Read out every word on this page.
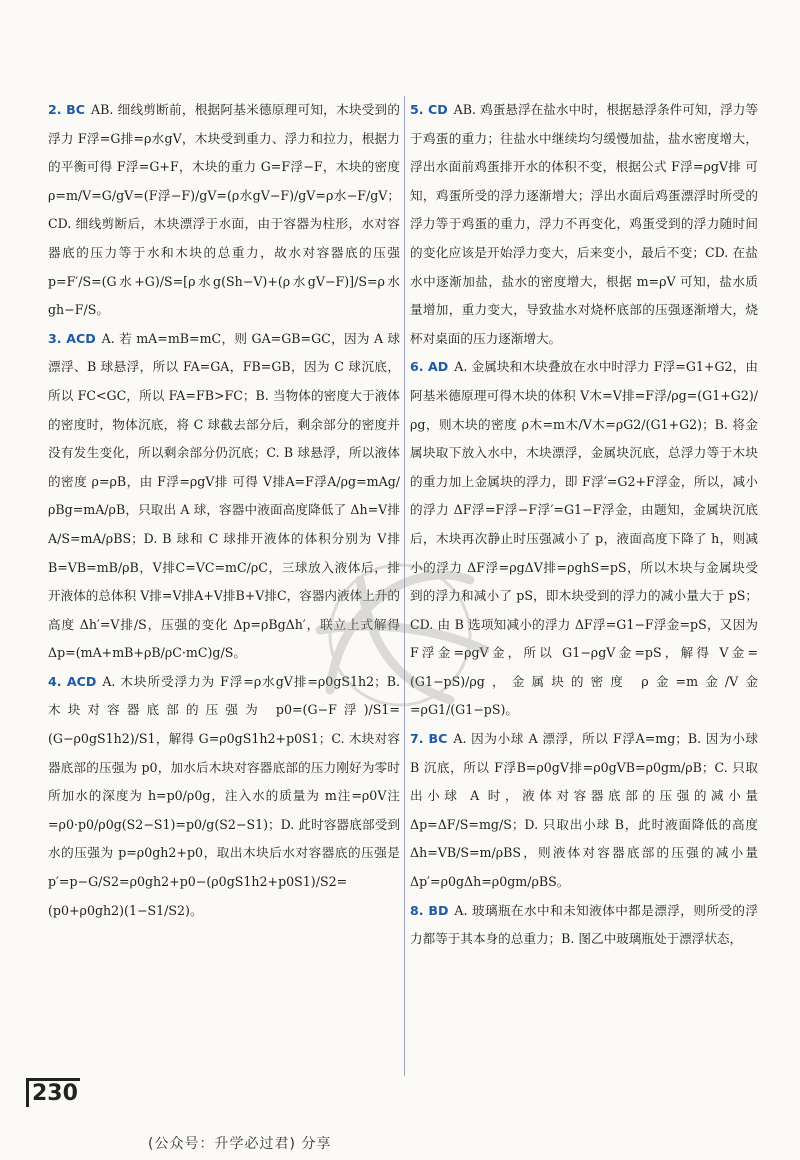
2. BC AB. 细线剪断前，根据阿基米德原理可知，木块受到的浮力 F浮=G排=ρ水gV，木块受到重力、浮力和拉力，根据力的平衡可得 F浮=G+F，木块的重力 G=F浮−F，木块的密度 ρ=m/V=G/gV=(F浮−F)/gV=(ρ水gV−F)/gV=ρ水−F/gV；CD. 细线剪断后，木块漂浮于水面，由于容器为柱形，水对容器底的压力等于水和木块的总重力，故水对容器底的压强 p=F′/S=(G水+G)/S=[ρ水g(Sh−V)+(ρ水gV−F)]/S=ρ水gh−F/S。

3. ACD A. 若 mA=mB=mC，则 GA=GB=GC，因为 A 球漂浮、B 球悬浮，所以 FA=GA，FB=GB，因为 C 球沉底，所以 FC<GC，所以 FA=FB>FC；B. 当物体的密度大于液体的密度时，物体沉底，将 C 球截去部分后，剩余部分的密度并没有发生变化，所以剩余部分仍沉底；C. B 球悬浮，所以液体的密度 ρ=ρB，由 F浮=ρgV排 可得 V排A=F浮A/ρg=mAg/ρBg=mA/ρB，只取出 A 球，容器中液面高度降低了 Δh=V排A/S=mA/ρBS；D. B 球和 C 球排开液体的体积分别为 V排B=VB=mB/ρB，V排C=VC=mC/ρC，三球放入液体后，排开液体的总体积 V排=V排A+V排B+V排C，容器内液体上升的高度 Δh′=V排/S，压强的变化 Δp=ρBgΔh′，联立上式解得 Δp=(mA+mB+ρB/ρC·mC)g/S。

4. ACD A. 木块所受浮力为 F浮=ρ水gV排=ρ0gS1h2；B. 木块对容器底部的压强为 p0=(G−F浮)/S1=(G−ρ0gS1h2)/S1，解得 G=ρ0gS1h2+p0S1；C. 木块对容器底部的压强为 p0，加水后木块对容器底部的压力刚好为零时所加水的深度为 h=p0/ρ0g，注入水的质量为 m注=ρ0V注=ρ0·p0/ρ0g(S2−S1)=p0/g(S2−S1)；D. 此时容器底部受到水的压强为 p=ρ0gh2+p0，取出木块后水对容器底的压强是 p′=p−G/S2=ρ0gh2+p0−(ρ0gS1h2+p0S1)/S2=(p0+ρ0gh2)(1−S1/S2)。

5. CD AB. 鸡蛋悬浮在盐水中时，根据悬浮条件可知，浮力等于鸡蛋的重力；往盐水中继续均匀缓慢加盐，盐水密度增大，浮出水面前鸡蛋排开水的体积不变，根据公式 F浮=ρgV排 可知，鸡蛋所受的浮力逐渐增大；浮出水面后鸡蛋漂浮时所受的浮力等于鸡蛋的重力，浮力不再变化，鸡蛋受到的浮力随时间的变化应该是开始浮力变大，后来变小，最后不变；CD. 在盐水中逐渐加盐，盐水的密度增大，根据 m=ρV 可知，盐水质量增加，重力变大，导致盐水对烧杯底部的压强逐渐增大，烧杯对桌面的压力逐渐增大。

6. AD A. 金属块和木块叠放在水中时浮力 F浮=G1+G2，由阿基米德原理可得木块的体积 V木=V排=F浮/ρg=(G1+G2)/ρg，则木块的密度 ρ木=m木/V木=ρG2/(G1+G2)；B. 将金属块取下放入水中，木块漂浮，金属块沉底，总浮力等于木块的重力加上金属块的浮力，即 F浮′=G2+F浮金，所以，减小的浮力 ΔF浮=F浮−F浮′=G1−F浮金，由题知，金属块沉底后，木块再次静止时压强减小了 p，液面高度下降了 h，则减小的浮力 ΔF浮=ρgΔV排=ρghS=pS，所以木块与金属块受到的浮力和减小了 pS，即木块受到的浮力的减小量大于 pS；CD. 由 B 选项知减小的浮力 ΔF浮=G1−F浮金=pS，又因为 F浮金=ρgV金，所以 G1−ρgV金=pS，解得 V金=(G1−pS)/ρg，金属块的密度 ρ金=m金/V金=ρG1/(G1−pS)。

7. BC A. 因为小球 A 漂浮，所以 F浮A=mg；B. 因为小球 B 沉底，所以 F浮B=ρ0gV排=ρ0gVB=ρ0gm/ρB；C. 只取出小球 A 时，液体对容器底部的压强的减小量 Δp=ΔF/S=mg/S；D. 只取出小球 B，此时液面降低的高度 Δh=VB/S=m/ρBS，则液体对容器底部的压强的减小量 Δp′=ρ0gΔh=ρ0gm/ρBS。

8. BD A. 玻璃瓶在水中和未知液体中都是漂浮，则所受的浮力都等于其本身的总重力；B. 图乙中玻璃瓶处于漂浮状态，

230
(公众号：升学必过君) 分享
